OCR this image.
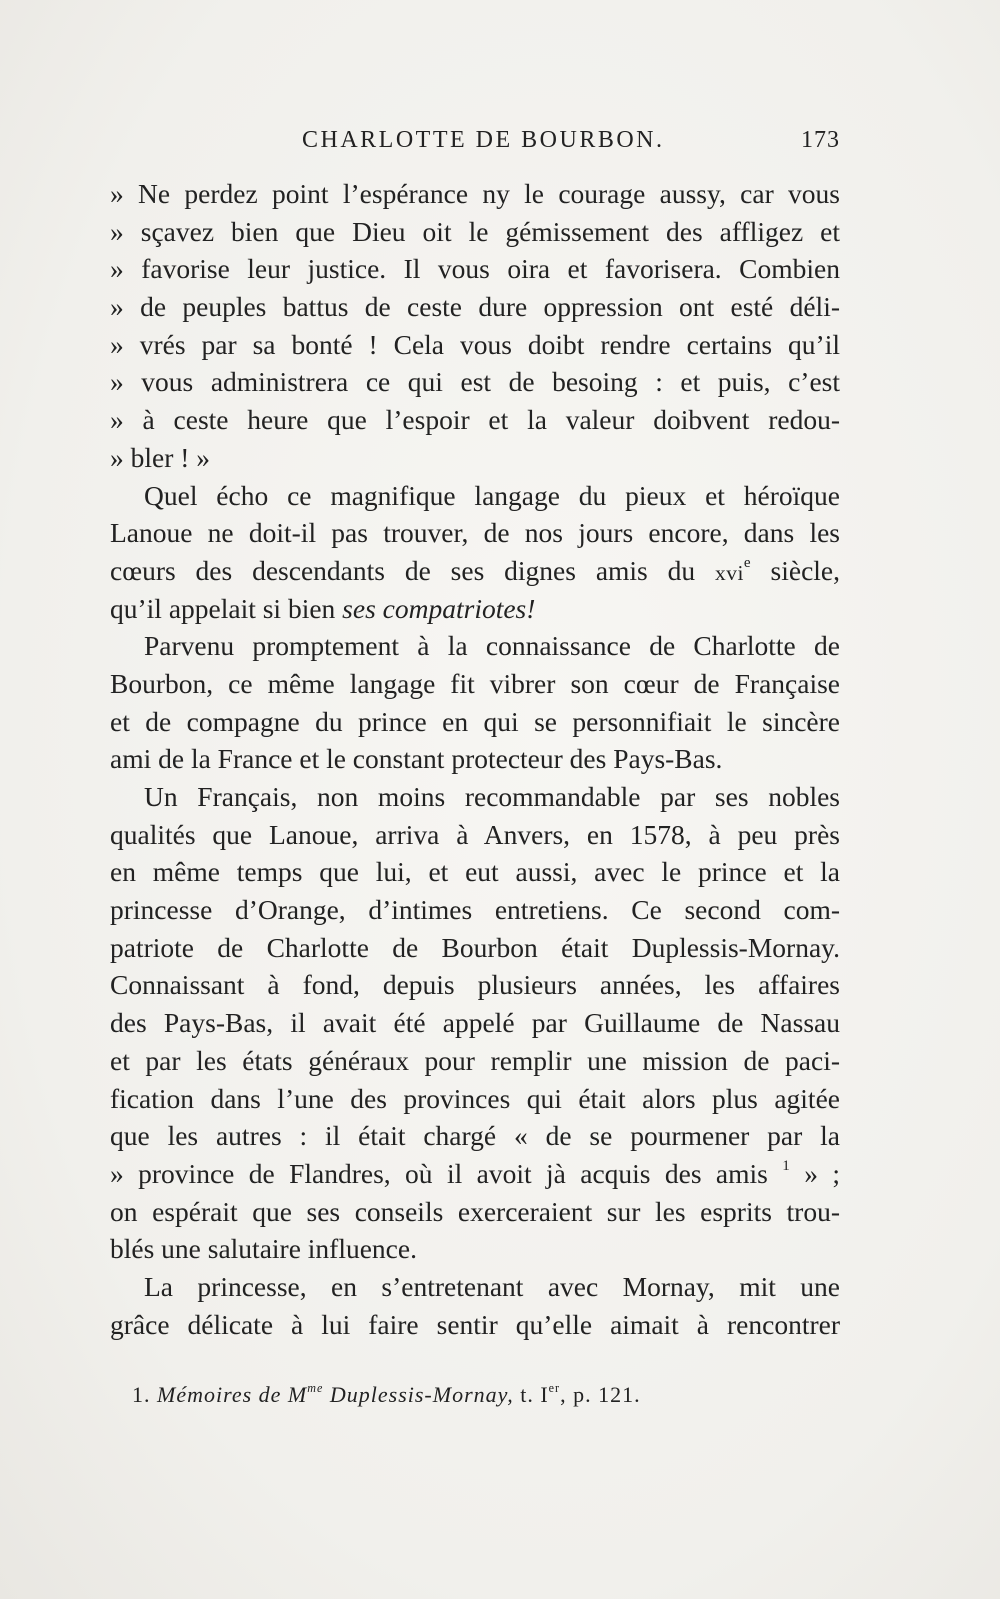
CHARLOTTE DE BOURBON.	173
» Ne perdez point l’espérance ny le courage aussy, car vous
» sçavez bien que Dieu oit le gémissement des affligez et
» favorise leur justice. Il vous oira et favorisera. Combien
» de peuples battus de ceste dure oppression ont esté déli-
» vrés par sa bonté ! Cela vous doibt rendre certains qu’il
» vous administrera ce qui est de besoing : et puis, c’est
» à ceste heure que l’espoir et la valeur doibvent redou-
» bler ! »
Quel écho ce magnifique langage du pieux et héroïque
Lanoue ne doit-il pas trouver, de nos jours encore, dans les
cœurs des descendants de ses dignes amis du xvi$^e$ siècle,
qu’il appelait si bien ses compatriotes!
Parvenu promptement à la connaissance de Charlotte de
Bourbon, ce même langage fit vibrer son cœur de Française
et de compagne du prince en qui se personnifiait le sincère
ami de la France et le constant protecteur des Pays-Bas.
Un Français, non moins recommandable par ses nobles
qualités que Lanoue, arriva à Anvers, en 1578, à peu près
en même temps que lui, et eut aussi, avec le prince et la
princesse d’Orange, d’intimes entretiens. Ce second com-
patriote de Charlotte de Bourbon était Duplessis-Mornay.
Connaissant à fond, depuis plusieurs années, les affaires
des Pays-Bas, il avait été appelé par Guillaume de Nassau
et par les états généraux pour remplir une mission de paci-
fication dans l’une des provinces qui était alors plus agitée
que les autres : il était chargé « de se pourmener par la
» province de Flandres, où il avoit jà acquis des amis $^1$ » ;
on espérait que ses conseils exerceraient sur les esprits trou-
blés une salutaire influence.
La princesse, en s’entretenant avec Mornay, mit une
grâce délicate à lui faire sentir qu’elle aimait à rencontrer
1. Mémoires de $M^{me}$ Duplessis-Mornay, t. Ier, p. 121.
